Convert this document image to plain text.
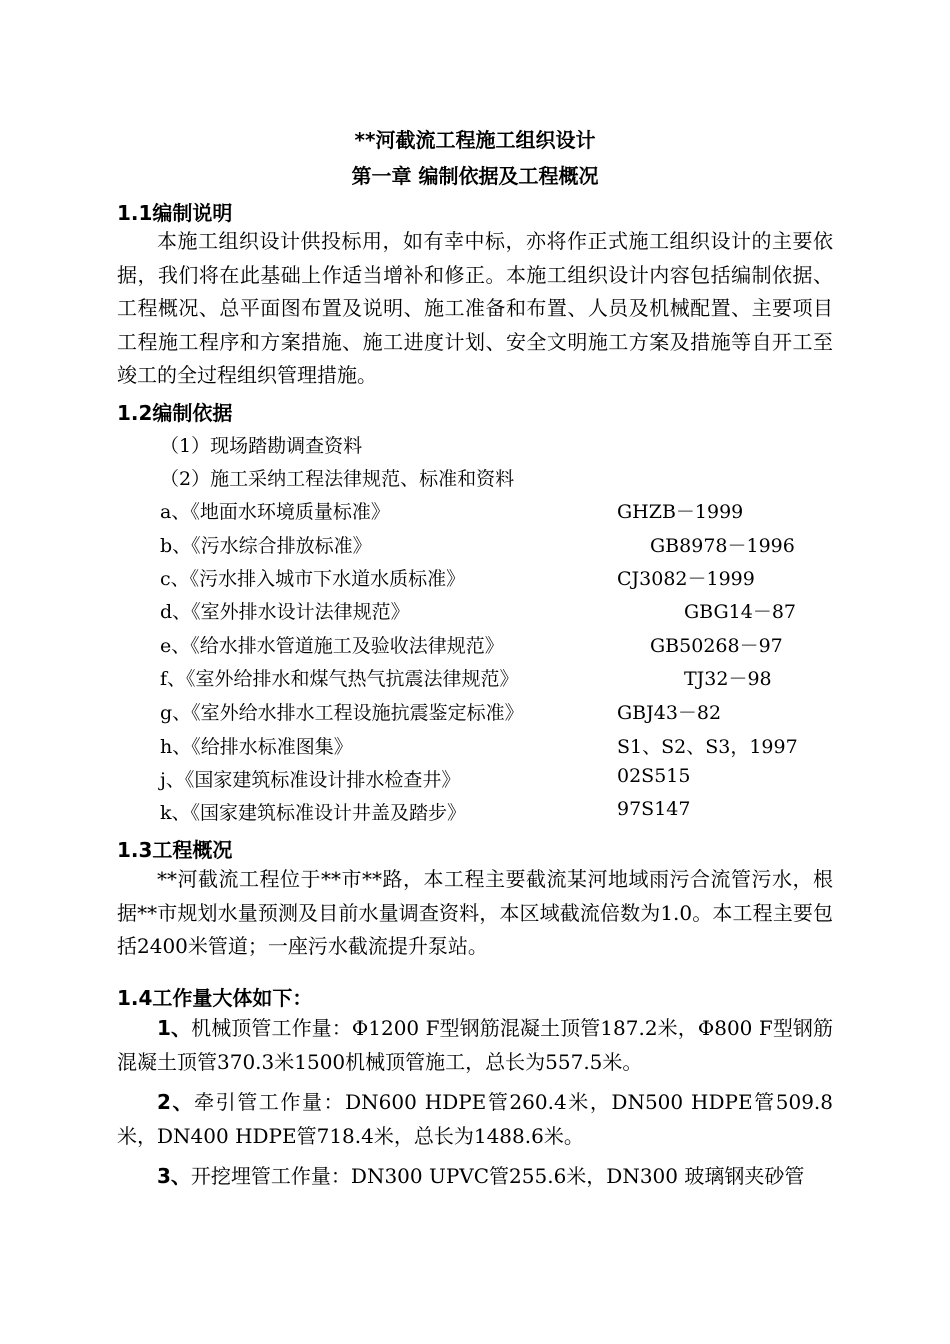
**河截流工程施工组织设计
第一章 编制依据及工程概况
1.1编制说明

本施工组织设计供投标用，如有幸中标，亦将作正式施工组织设计的主要依据，我们将在此基础上作适当增补和修正。本施工组织设计内容包括编制依据、工程概况、总平面图布置及说明、施工准备和布置、人员及机械配置、主要项目工程施工程序和方案措施、施工进度计划、安全文明施工方案及措施等自开工至竣工的全过程组织管理措施。

1.2编制依据
（1）现场踏勘调查资料
（2）施工采纳工程法律规范、标准和资料
a、《地面水环境质量标准》	GHZB－1999
b、《污水综合排放标准》	GB8978－1996
c、《污水排入城市下水道水质标准》	CJ3082－1999
d、《室外排水设计法律规范》	GBG14－87
e、《给水排水管道施工及验收法律规范》	GB50268－97
f、《室外给排水和煤气热气抗震法律规范》	TJ32－98
g、《室外给水排水工程设施抗震鉴定标准》	GBJ43－82
h、《给排水标准图集》	S1、S2、S3，1997
j、《国家建筑标准设计排水检查井》	02S515
k、《国家建筑标准设计井盖及踏步》	97S147
1.3工程概况

**河截流工程位于**市**路，本工程主要截流某河地域雨污合流管污水，根据**市规划水量预测及目前水量调查资料，本区域截流倍数为1.0。本工程主要包括2400米管道；一座污水截流提升泵站。

1.4工作量大体如下：

1、机械顶管工作量：Φ1200 F型钢筋混凝土顶管187.2米，Φ800 F型钢筋混凝土顶管370.3米1500机械顶管施工，总长为557.5米。

2、牵引管工作量：DN600 HDPE管260.4米，DN500 HDPE管509.8米，DN400 HDPE管718.4米，总长为1488.6米。

3、开挖埋管工作量：DN300 UPVC管255.6米，DN300 玻璃钢夹砂管
